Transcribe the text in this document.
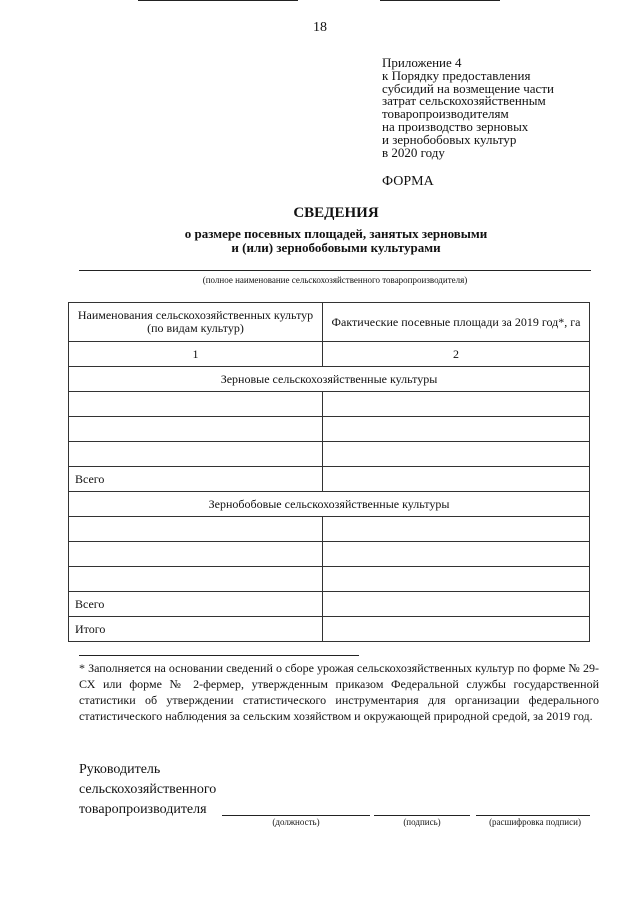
18
Приложение 4
к Порядку предоставления
субсидий на возмещение части
затрат сельскохозяйственным
товаропроизводителям
на производство зерновых
и зернобобовых культур
в 2020 году
ФОРМА
СВЕДЕНИЯ
о размере посевных площадей, занятых зерновыми
и (или) зернобобовыми культурами
(полное наименование сельскохозяйственного товаропроизводителя)
Наименования сельскохозяйственных культур (по видам культур)	Фактические посевные площади за 2019 год*, га
1	2
Зерновые сельскохозяйственные культуры	

Всего	
Зернобобовые сельскохозяйственные культуры	

Всего	
Итого	
* Заполняется на основании сведений о сборе урожая сельскохозяйственных культур по форме № 29-СХ или форме № 2-фермер, утвержденным приказом Федеральной службы государственной статистики об утверждении статистического инструментария для организации федерального статистического наблюдения за сельским хозяйством и окружающей природной средой, за 2019 год.
Руководитель
сельскохозяйственного
товаропроизводителя
(должность)	(подпись)	(расшифровка подписи)
